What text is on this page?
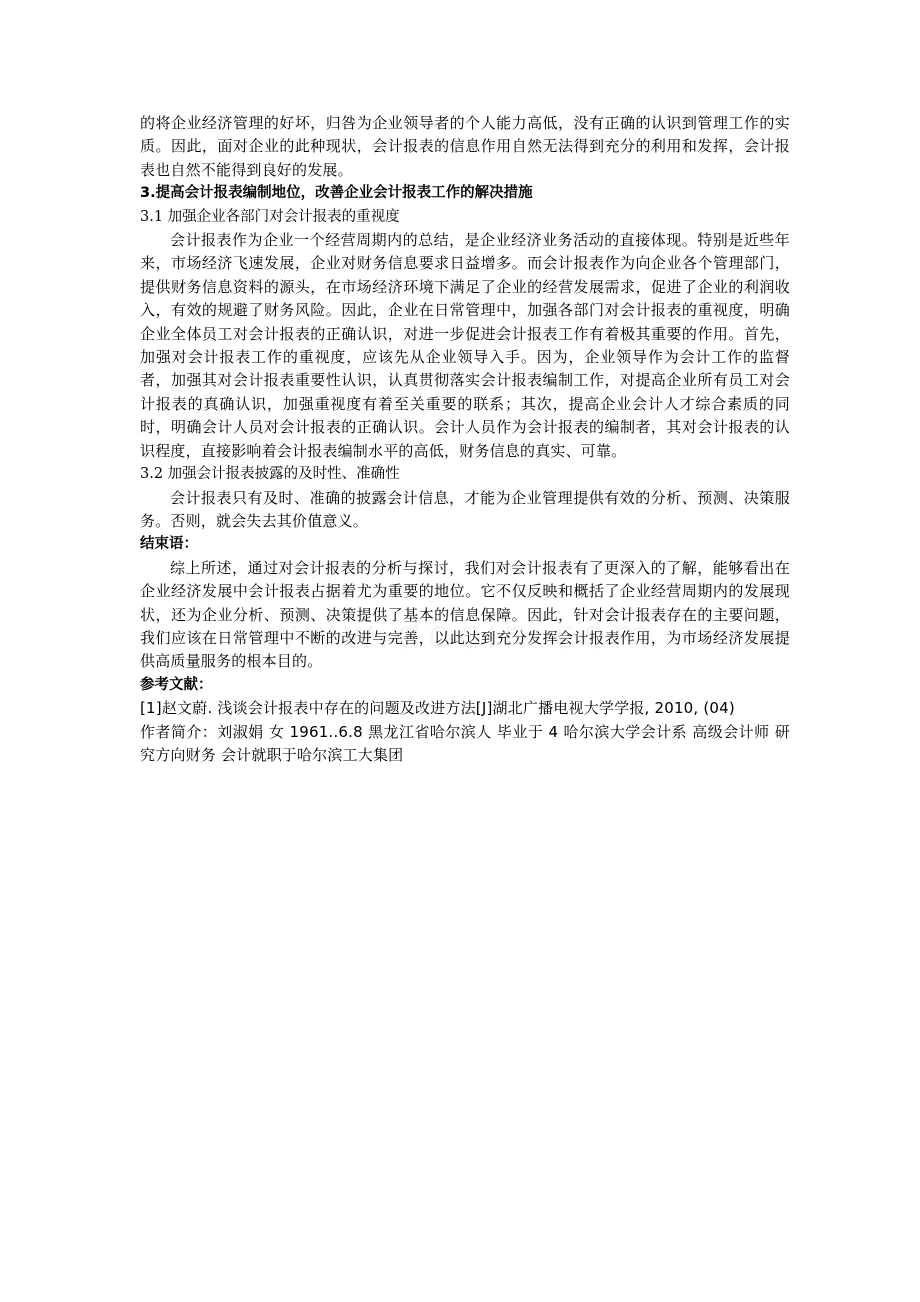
的将企业经济管理的好坏，归咎为企业领导者的个人能力高低，没有正确的认识到管理工作的实质。因此，面对企业的此种现状，会计报表的信息作用自然无法得到充分的利用和发挥，会计报表也自然不能得到良好的发展。

3.提高会计报表编制地位，改善企业会计报表工作的解决措施

3.1 加强企业各部门对会计报表的重视度

会计报表作为企业一个经营周期内的总结，是企业经济业务活动的直接体现。特别是近些年来，市场经济飞速发展，企业对财务信息要求日益增多。而会计报表作为向企业各个管理部门，提供财务信息资料的源头，在市场经济环境下满足了企业的经营发展需求，促进了企业的利润收入，有效的规避了财务风险。因此，企业在日常管理中，加强各部门对会计报表的重视度，明确企业全体员工对会计报表的正确认识，对进一步促进会计报表工作有着极其重要的作用。首先，加强对会计报表工作的重视度，应该先从企业领导入手。因为，企业领导作为会计工作的监督者，加强其对会计报表重要性认识，认真贯彻落实会计报表编制工作，对提高企业所有员工对会计报表的真确认识，加强重视度有着至关重要的联系；其次，提高企业会计人才综合素质的同时，明确会计人员对会计报表的正确认识。会计人员作为会计报表的编制者，其对会计报表的认识程度，直接影响着会计报表编制水平的高低，财务信息的真实、可靠。

3.2 加强会计报表披露的及时性、准确性

会计报表只有及时、准确的披露会计信息，才能为企业管理提供有效的分析、预测、决策服务。否则，就会失去其价值意义。

结束语：

综上所述，通过对会计报表的分析与探讨，我们对会计报表有了更深入的了解，能够看出在企业经济发展中会计报表占据着尤为重要的地位。它不仅反映和概括了企业经营周期内的发展现状，还为企业分析、预测、决策提供了基本的信息保障。因此，针对会计报表存在的主要问题，我们应该在日常管理中不断的改进与完善，以此达到充分发挥会计报表作用，为市场经济发展提供高质量服务的根本目的。

参考文献：

[1]赵文蔚. 浅谈会计报表中存在的问题及改进方法[J]湖北广播电视大学学报, 2010, (04)

作者简介：刘淑娟 女 1961..6.8 黑龙江省哈尔滨人 毕业于 4 哈尔滨大学会计系 高级会计师 研究方向财务 会计就职于哈尔滨工大集团
